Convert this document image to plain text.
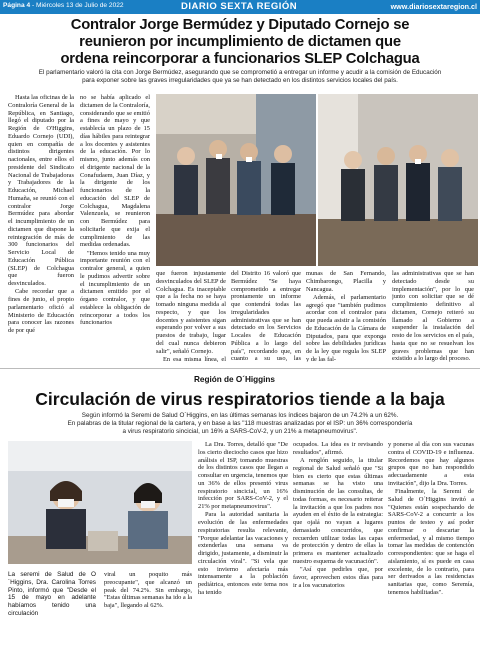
Página 4 - Miércoles 13 de Julio de 2022	DIARIO SEXTA REGIÓN	www.diariosextaregion.cl
Contralor Jorge Bermúdez y Diputado Cornejo se
reunieron por incumplimiento de dictamen que
ordena reincorporar a funcionarios SLEP Colchagua
El parlamentario valoró la cita con Jorge Bermúdez, asegurando que se comprometió a entregar un informe y acudir a la comisión de Educación
para exponer sobre las graves irregularidades que ya se han detectado en los distintos servicios locales del país.

Hasta las oficinas de la Contraloría General de la República, en Santiago, llegó el diputado por la Región de O'Higgins, Eduardo Cornejo (UDI), quien en compañía de distintos dirigentes nacionales, entre ellos el presidente del Sindicato Nacional de Trabajadoras y Trabajadores de la Educación, Michael Humaña, se reunió con el contralor Jorge Bermúdez para abordar el incumplimiento de un dictamen que dispone la reintegración de más de 300 funcionarios del Servicio Local de Educación Pública (SLEP) de Colchagua que fueron desvinculados.

Cabe recordar que a fines de junio, el propio parlamentario ofició al Ministerio de Educación para conocer las razones de por qué

no se había aplicado el dictamen de la Contraloría, considerando que se emitió a fines de mayo y que establecía un plazo de 15 días hábiles para reintegrar a los docentes y asistentes de la educación. Por lo mismo, junto además con el dirigente nacional de la Conafudaem, Juan Díaz, y la dirigente de los funcionarios de la educación del SLEP de Colchagua, Magdalena Valenzuela, se reunieron con Bermúdez para solicitarle que exija el cumplimiento de las medidas ordenadas.

"Hemos tenido una muy importante reunión con el contralor general, a quien le pudimos advertir sobre el incumplimiento de un dictamen emitido por el órgano contralor, y que establece la obligación de reincorporar a todos los funcionarios

que fueron injustamente desvinculados del SLEP de Colchagua. Es inaceptable que a la fecha no se haya tomado ninguna medida al respecto, y que los docentes y asistentes sigan esperando por volver a sus puestos de trabajo, lugar del cual nunca debieron salir", señaló Cornejo.

En esa misma línea, el

del Distrito 16 valoró que Bermúdez "Se haya comprometido a entregar prontamente un informe que contendrá todas las irregularidades administrativas que se han detectado en los Servicios Locales de Educación Pública a lo largo del país", recordando que, en cuanto a su uso, las

munas de San Fernando, Chimbarongo, Placilla y Nancagua.

Además, el parlamentario agregó que "también pudimos acordar con el contralor para que pueda asistir a la comisión de Educación de la Cámara de Diputados, para que exponga sobre las debilidades jurídicas de la ley que regula los SLEP y de las fal-

las administrativas que se han detectado desde su implementación", por lo que junto con solicitar que se dé cumplimiento definitivo al dictamen, Cornejo reiteró su llamado al Gobierno a suspender la instalación del resto de los servicios en el país, hasta que no se resuelvan los graves problemas que han existido a lo largo del proceso.

Región de O´Higgins
Circulación de virus respiratorios tiende a la baja
Según informó la Seremi de Salud O´Higgins, en las últimas semanas los índices bajaron de un 74.2% a un 62%.
En palabras de la titular regional de la cartera, y en base a las "118 muestras analizadas por el ISP: un 36% correspondería
a virus respiratorio sincicial, un 16% a SARS-CoV-2, y un 21% a metapneumovirus".
La seremi de Salud de O´Higgins, Dra. Carolina Torres Pinto, informó que "Desde el 15 de mayo en adelante habíamos tenido una circulación

viral un poquito más preocupante", que alcanzó un peak del 74.2%. Sin embargo, "Estas últimas semanas ha ido a la baja", llegando al 62%.

La Dra. Torres, detalló que "De los cierto dieciocho casos que hizo análisis el ISP, tomando muestras de los distintos casos que llegan a consultar en urgencia, tenemos que un 36% de ellos presentó virus respiratorio sincicial, un 16% infección por SARS-CoV-2, y el 21% por metapneumovirus".

Para la autoridad sanitaria la evolución de las enfermedades respiratorias resulta relevante, "Porque adelantar las vacaciones y extenderlas una semana va dirigido, justamente, a disminuir la circulación viral". "Si vela que esto invierno afectaría más intensamente a la población pediátrica, entonces este tema nos ha tenido

ocupados. La idea es ir revisando resultados", afirmó.

A renglón seguido, la titular regional de Salud señaló que "Si bien es cierto que estas últimas semanas se ha visto una disminución de las consultas, de todas formas, es necesario reiterar la invitación a que los padres nos ayuden en el éxito de la estrategia: que ojalá no vayan a lugares demasiado concurridos, que recuerden utilizar todas las capas de protección y dentro de ellas la primera es mantener actualizado nuestro esquema de vacunación".

"Así que pedirles que, por favor, aprovechen estos días para ir a los vacunatorios

y ponerse al día con sus vacunas contra el COVID-19 e influenza. Recordemos que hay algunos grupos que no han respondido adecuadamente a esta invitación", dijo la Dra. Torres.

Finalmente, la Seremi de Salud de O´Higgins invitó a "Quienes están sospechando de SARS-CoV-2 a concurrir a los puntos de testeo y así poder confirmar o descartar la enfermedad, y al mismo tiempo tomar las medidas de contención correspondientes: que se haga el aislamiento, sí es puede en casa excelente, de lo contrario, para ser derivados a las residencias sanitarias que, como Seremía, tenemos habilitadas".
